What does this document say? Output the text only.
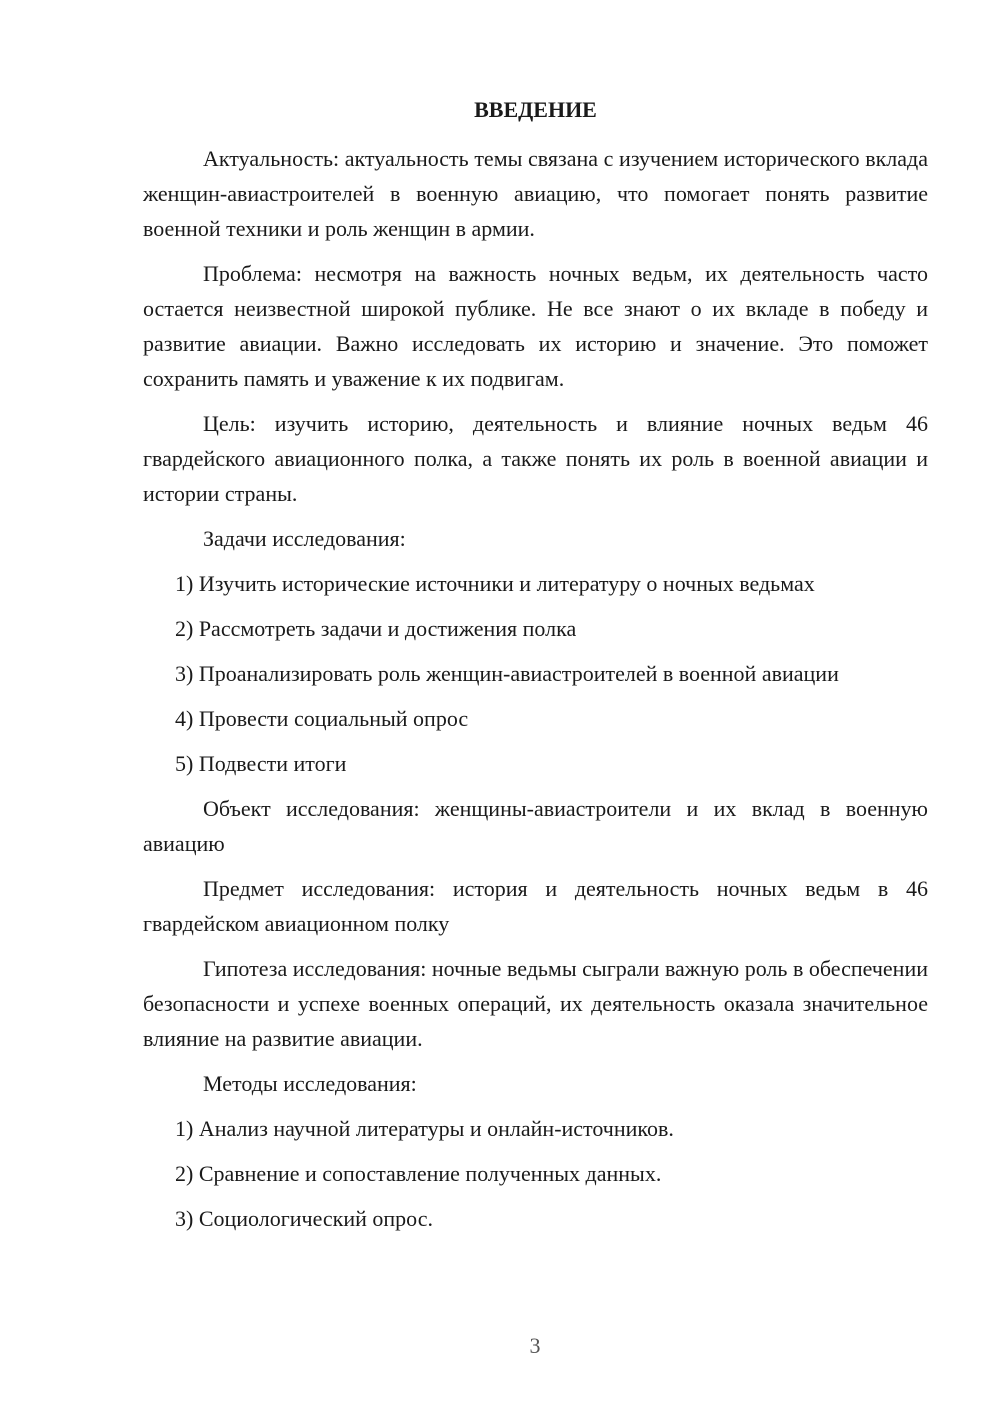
ВВЕДЕНИЕ

Актуальность: актуальность темы связана с изучением исторического вклада женщин-авиастроителей в военную авиацию, что помогает понять развитие военной техники и роль женщин в армии.

Проблема: несмотря на важность ночных ведьм, их деятельность часто остается неизвестной широкой публике. Не все знают о их вкладе в победу и развитие авиации. Важно исследовать их историю и значение. Это поможет сохранить память и уважение к их подвигам.

Цель: изучить историю, деятельность и влияние ночных ведьм 46 гвардейского авиационного полка, а также понять их роль в военной авиации и истории страны.

Задачи исследования:

1) Изучить исторические источники и литературу о ночных ведьмах

2) Рассмотреть задачи и достижения полка

3) Проанализировать роль женщин-авиастроителей в военной авиации

4) Провести социальный опрос

5) Подвести итоги

Объект исследования: женщины-авиастроители и их вклад в военную авиацию

Предмет исследования: история и деятельность ночных ведьм в 46 гвардейском авиационном полку

Гипотеза исследования: ночные ведьмы сыграли важную роль в обеспечении безопасности и успехе военных операций, их деятельность оказала значительное влияние на развитие авиации.

Методы исследования:

1) Анализ научной литературы и онлайн-источников.

2) Сравнение и сопоставление полученных данных.

3) Социологический опрос.

3
